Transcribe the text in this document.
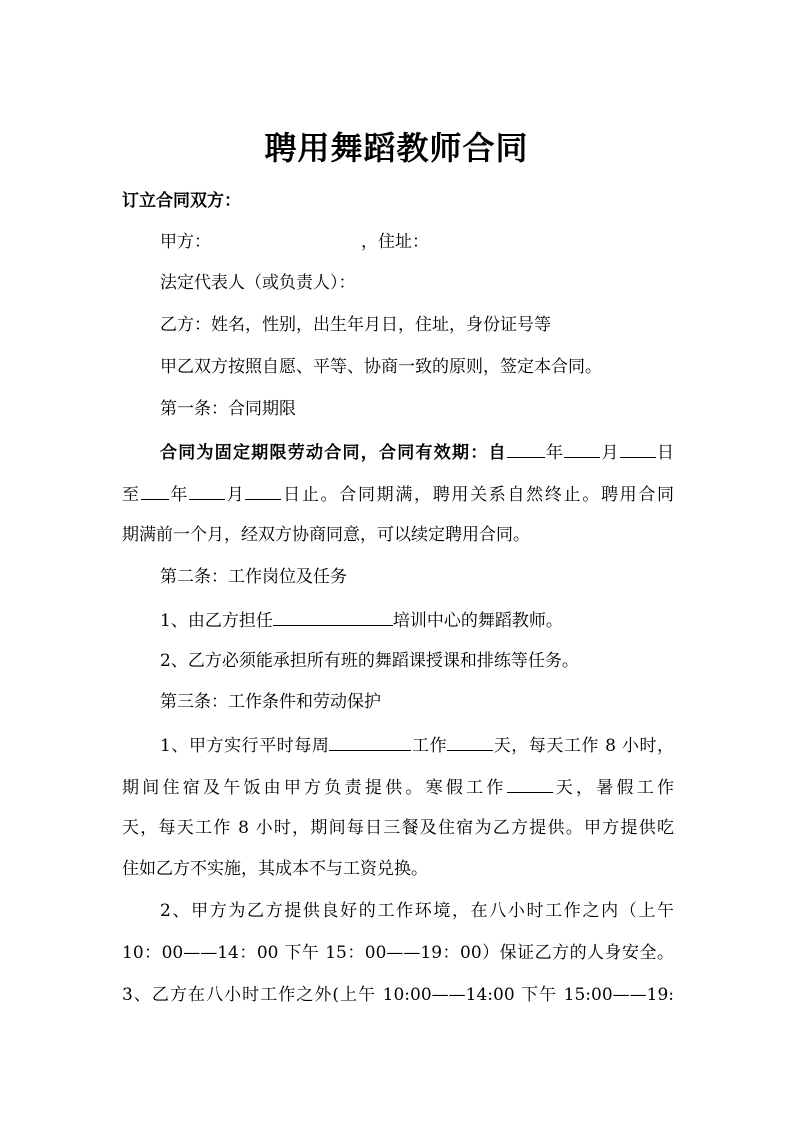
聘用舞蹈教师合同
订立合同双方：
甲方：	，住址：
法定代表人（或负责人）：
乙方：姓名，性别，出生年月日，住址，身份证号等
甲乙双方按照自愿、平等、协商一致的原则，签定本合同。
第一条：合同期限
合同为固定期限劳动合同，合同有效期：自 年 月 日
至 年 月 日止。合同期满，聘用关系自然终止。聘用合同
期满前一个月，经双方协商同意，可以续定聘用合同。
第二条：工作岗位及任务
1、由乙方担任	培训中心的舞蹈教师。
2、乙方必须能承担所有班的舞蹈课授课和排练等任务。
第三条：工作条件和劳动保护
1、甲方实行平时每周	工作	天，每天工作 8 小时，
期间住宿及午饭由甲方负责提供。寒假工作	天，暑假工作
天，每天工作 8 小时，期间每日三餐及住宿为乙方提供。甲方提供吃
住如乙方不实施，其成本不与工资兑换。
2、甲方为乙方提供良好的工作环境，在八小时工作之内（上午
10：00——14：00 下午 15：00——19：00）保证乙方的人身安全。
3、乙方在八小时工作之外(上午 10:00——14:00 下午 15:00——19:
